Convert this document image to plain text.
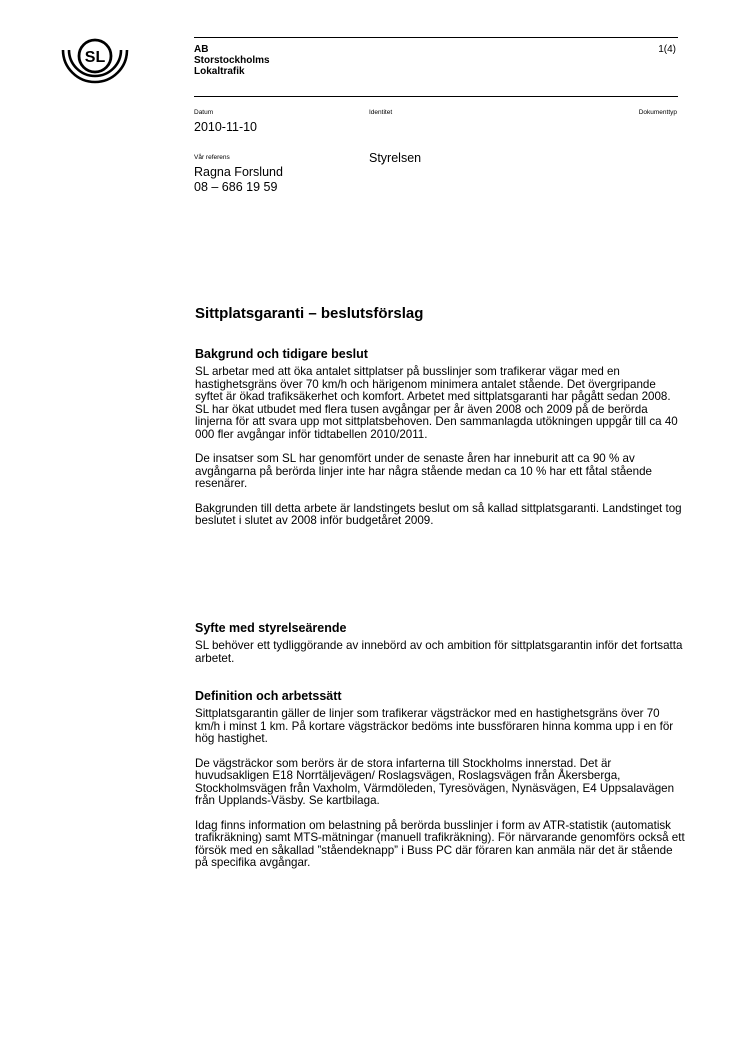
SL	AB
Storstockholms
Lokaltrafik
1(4)
Datum
2010-11-10
Identitet	Dokumenttyp
Vår referens
Ragna Forslund
08 – 686 19 59
Styrelsen
Sittplatsgaranti – beslutsförslag
Bakgrund och tidigare beslut

SL arbetar med att öka antalet sittplatser på busslinjer som trafikerar vägar med en hastighetsgräns över 70 km/h och härigenom minimera antalet stående. Det övergripande syftet är ökad trafiksäkerhet och komfort. Arbetet med sittplatsgaranti har pågått sedan 2008. SL har ökat utbudet med flera tusen avgångar per år även 2008 och 2009 på de berörda linjerna för att svara upp mot sittplatsbehoven. Den sammanlagda utökningen uppgår till ca 40 000 fler avgångar inför tidtabellen 2010/2011.

De insatser som SL har genomfört under de senaste åren har inneburit att ca 90 % av avgångarna på berörda linjer inte har några stående medan ca 10 % har ett fåtal stående resenärer.

Bakgrunden till detta arbete är landstingets beslut om så kallad sittplatsgaranti. Landstinget tog beslutet i slutet av 2008 inför budgetåret 2009.

Syfte med styrelseärende

SL behöver ett tydliggörande av innebörd av och ambition för sittplatsgarantin inför det fortsatta arbetet.

Definition och arbetssätt

Sittplatsgarantin gäller de linjer som trafikerar vägsträckor med en hastighetsgräns över 70 km/h i minst 1 km. På kortare vägsträckor bedöms inte bussföraren hinna komma upp i en för hög hastighet.

De vägsträckor som berörs är de stora infarterna till Stockholms innerstad. Det är huvudsakligen E18 Norrtäljevägen/ Roslagsvägen, Roslagsvägen från Åkersberga, Stockholmsvägen från Vaxholm, Värmdöleden, Tyresövägen, Nynäsvägen, E4 Uppsalavägen från Upplands-Väsby. Se kartbilaga.

Idag finns information om belastning på berörda busslinjer i form av ATR-statistik (automatisk trafikräkning) samt MTS-mätningar (manuell trafikräkning). För närvarande genomförs också ett försök med en såkallad ”ståendeknapp” i Buss PC där föraren kan anmäla när det är stående på specifika avgångar.
